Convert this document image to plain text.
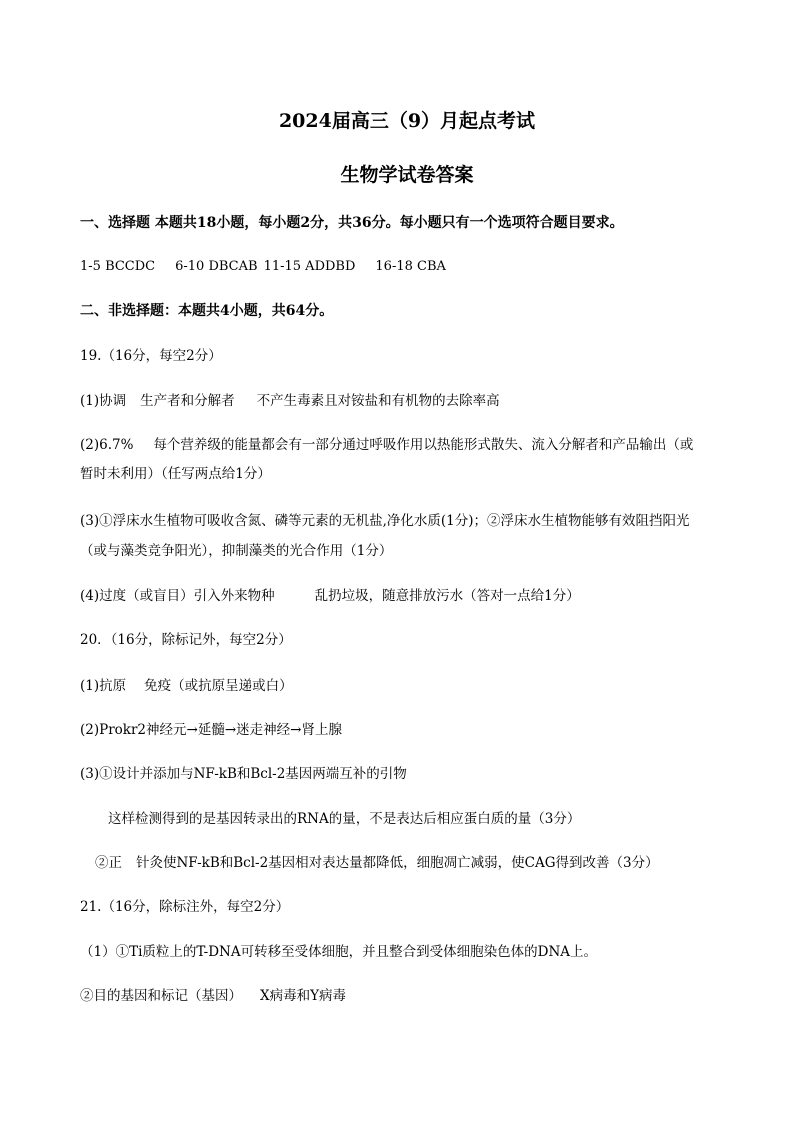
2024届高三（9）月起点考试
生物学试卷答案
一、选择题 本题共18小题，每小题2分，共36分。每小题只有一个选项符合题目要求。
1-5 BCCDC 6-10 DBCAB 11-15 ADDBD 16-18 CBA
二、非选择题：本题共4小题，共64分。
19.（16分，每空2分）
(1)协调 生产者和分解者 不产生毒素且对铵盐和有机物的去除率高
(2)6.7% 每个营养级的能量都会有一部分通过呼吸作用以热能形式散失、流入分解者和产品输出（或
暂时未利用）（任写两点给1分）
(3)①浮床水生植物可吸收含氮、磷等元素的无机盐,净化水质(1分)；②浮床水生植物能够有效阻挡阳光
（或与藻类竞争阳光），抑制藻类的光合作用（1分）
(4)过度（或盲目）引入外来物种	乱扔垃圾，随意排放污水（答对一点给1分）
20．（16分，除标记外，每空2分）
(1)抗原 免疫（或抗原呈递或白）
(2)Prokr2神经元→延髓→迷走神经→肾上腺
(3)①设计并添加与NF-kB和Bcl-2基因两端互补的引物
这样检测得到的是基因转录出的RNA的量，不是表达后相应蛋白质的量（3分）
②正 针灸使NF-kB和Bcl-2基因相对表达量都降低，细胞凋亡减弱，使CAG得到改善（3分）
21.（16分，除标注外，每空2分）
（1）①Ti质粒上的T-DNA可转移至受体细胞，并且整合到受体细胞染色体的DNA上。
②目的基因和标记（基因） X病毒和Y病毒
